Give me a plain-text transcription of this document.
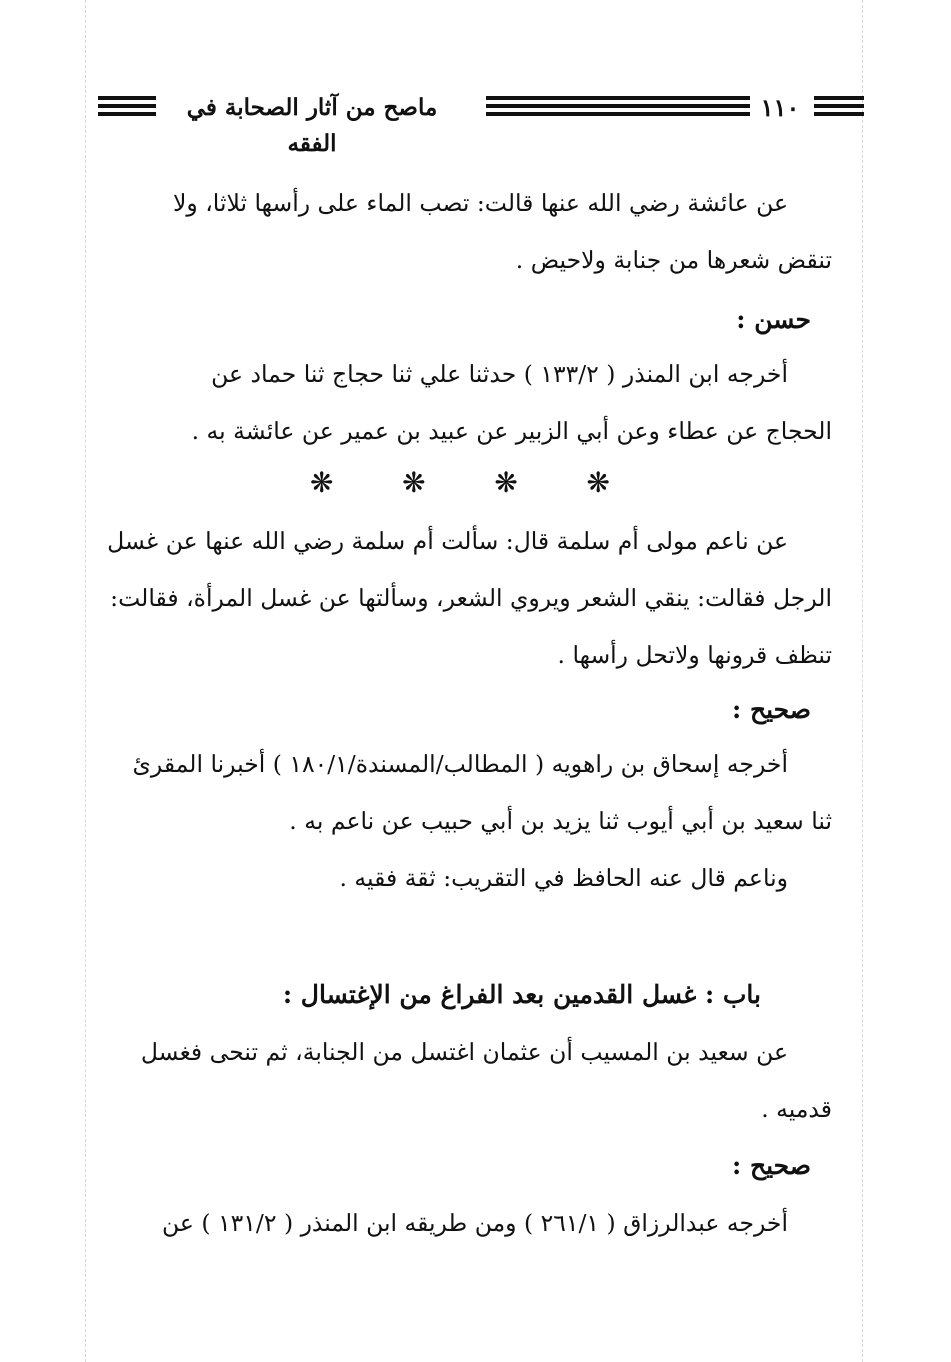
ماصح من آثار الصحابة في الفقه
١١٠
عن عائشة رضي الله عنها قالت: تصب الماء على رأسها ثلاثا، ولا
تنقض شعرها من جنابة ولاحيض .
حسن :
أخرجه ابن المنذر ( ١٣٣/٢ ) حدثنا علي ثنا حجاج ثنا حماد عن
الحجاج عن عطاء وعن أبي الزبير عن عبيد بن عمير عن عائشة به .
❋ ❋ ❋ ❋
عن ناعم مولى أم سلمة قال: سألت أم سلمة رضي الله عنها عن غسل
الرجل فقالت: ينقي الشعر ويروي الشعر، وسألتها عن غسل المرأة، فقالت:
تنظف قرونها ولاتحل رأسها .
صحيح :
أخرجه إسحاق بن راهويه ( المطالب/المسندة/١٨٠/١ ) أخبرنا المقرئ
ثنا سعيد بن أبي أيوب ثنا يزيد بن أبي حبيب عن ناعم به .
وناعم قال عنه الحافظ في التقريب: ثقة فقيه .
باب : غسل القدمين بعد الفراغ من الإغتسال :
عن سعيد بن المسيب أن عثمان اغتسل من الجنابة، ثم تنحى فغسل
قدميه .
صحيح :
أخرجه عبدالرزاق ( ٢٦١/١ ) ومن طريقه ابن المنذر ( ١٣١/٢ ) عن
